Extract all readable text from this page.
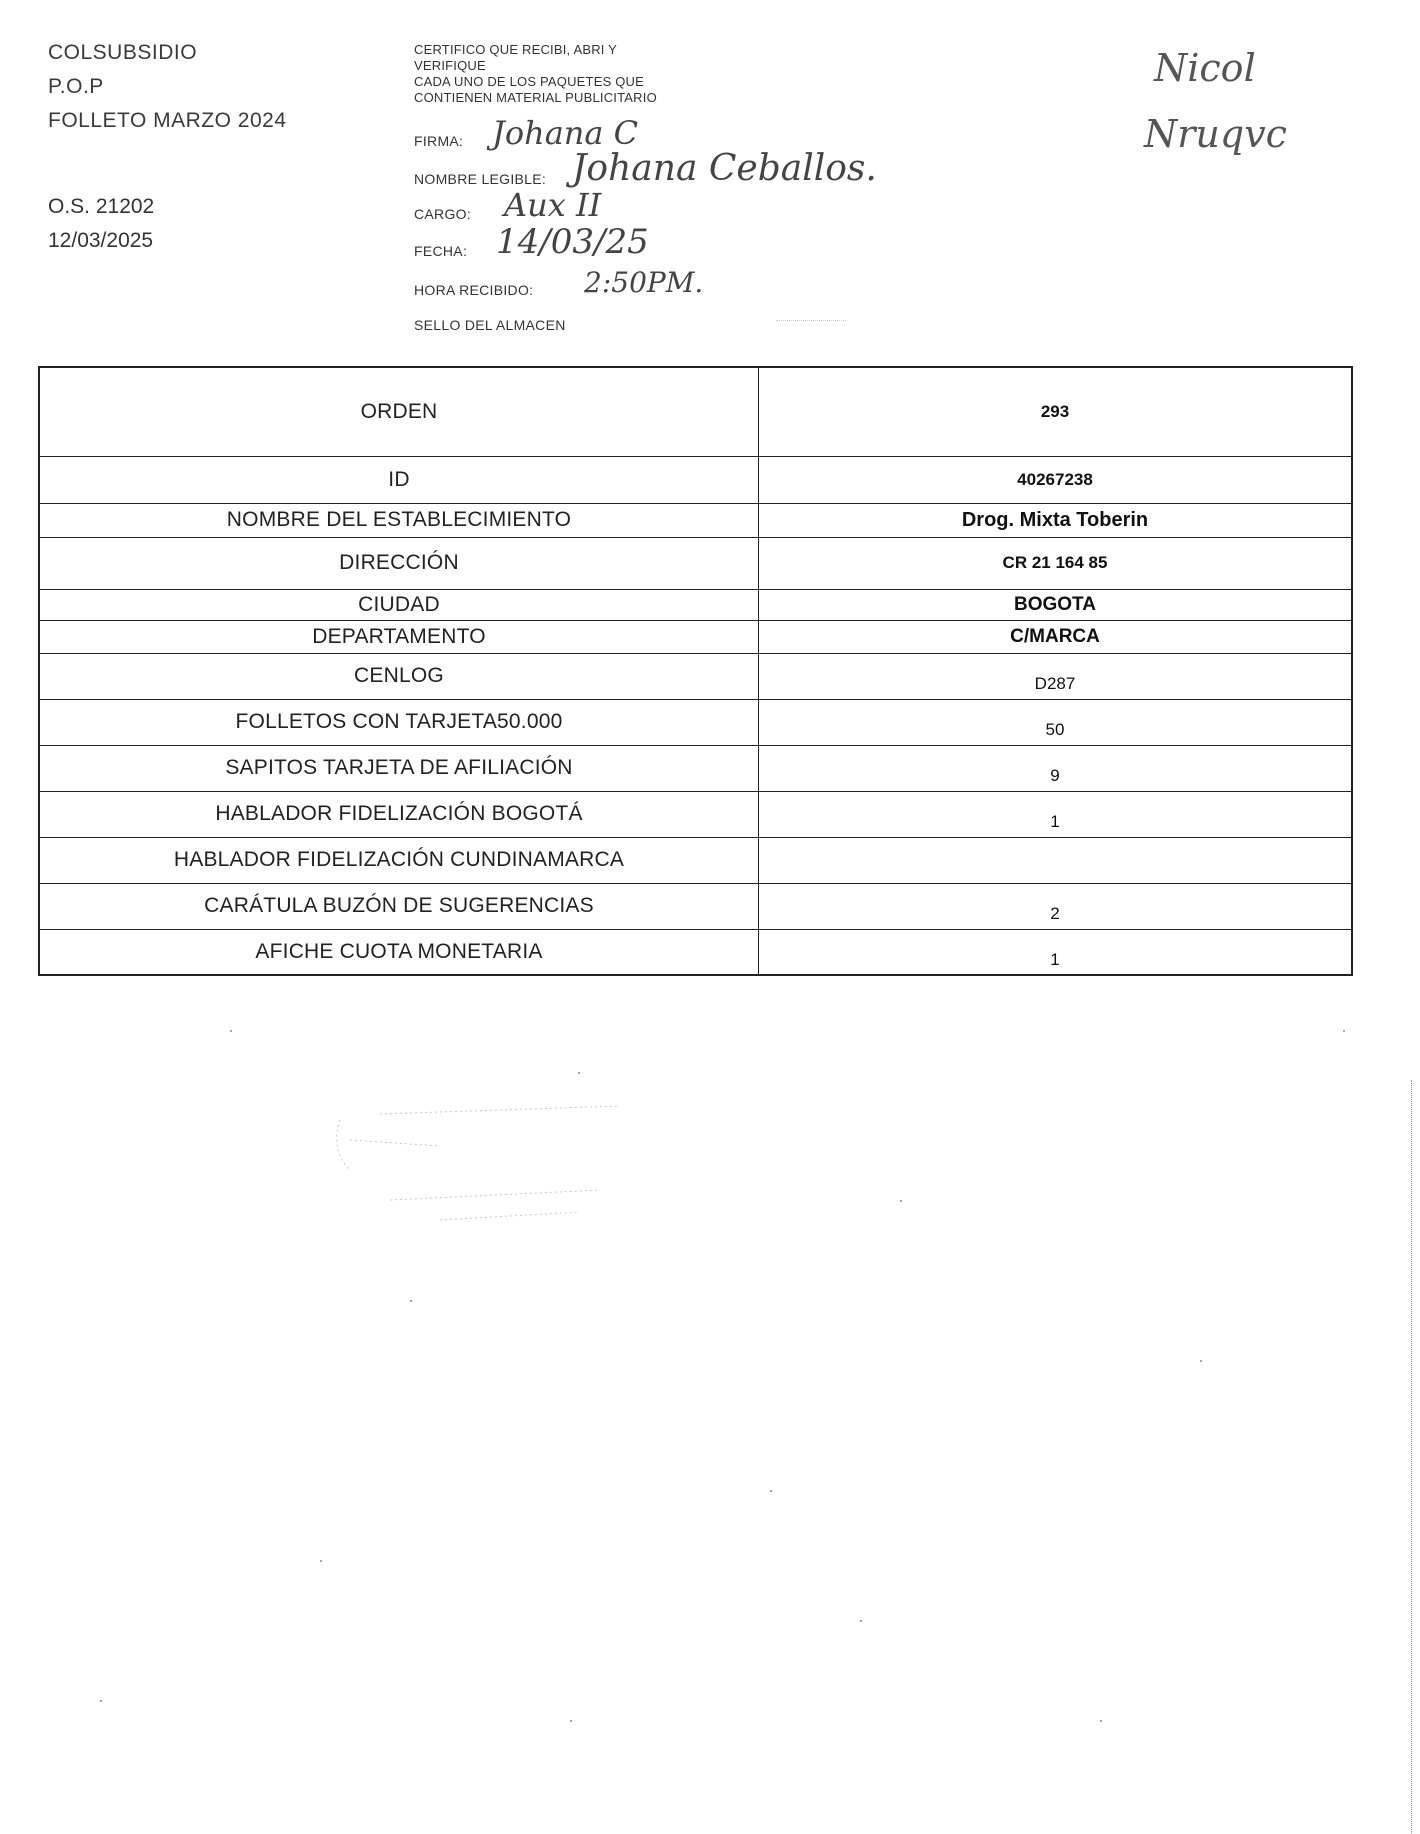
COLSUBSIDIO
P.O.P
FOLLETO MARZO 2024
O.S. 21202
12/03/2025
CERTIFICO QUE RECIBI, ABRI Y
VERIFIQUE
CADA UNO DE LOS PAQUETES QUE
CONTIENEN MATERIAL PUBLICITARIO
FIRMA: Johana C
NOMBRE LEGIBLE: Johana Ceballos.
CARGO: Aux II
FECHA: 14/03/25
HORA RECIBIDO: 2:50PM.
SELLO DEL ALMACEN
Nicol
Nruqvc
ORDEN	293
ID	40267238
NOMBRE DEL ESTABLECIMIENTO	Drog. Mixta Toberin
DIRECCIÓN	CR 21 164 85
CIUDAD	BOGOTA
DEPARTAMENTO	C/MARCA
CENLOG	D287
FOLLETOS CON TARJETA50.000	50
SAPITOS TARJETA DE AFILIACIÓN	9
HABLADOR FIDELIZACIÓN BOGOTÁ	1
HABLADOR FIDELIZACIÓN CUNDINAMARCA	
CARÁTULA BUZÓN DE SUGERENCIAS	2
AFICHE CUOTA MONETARIA	1
